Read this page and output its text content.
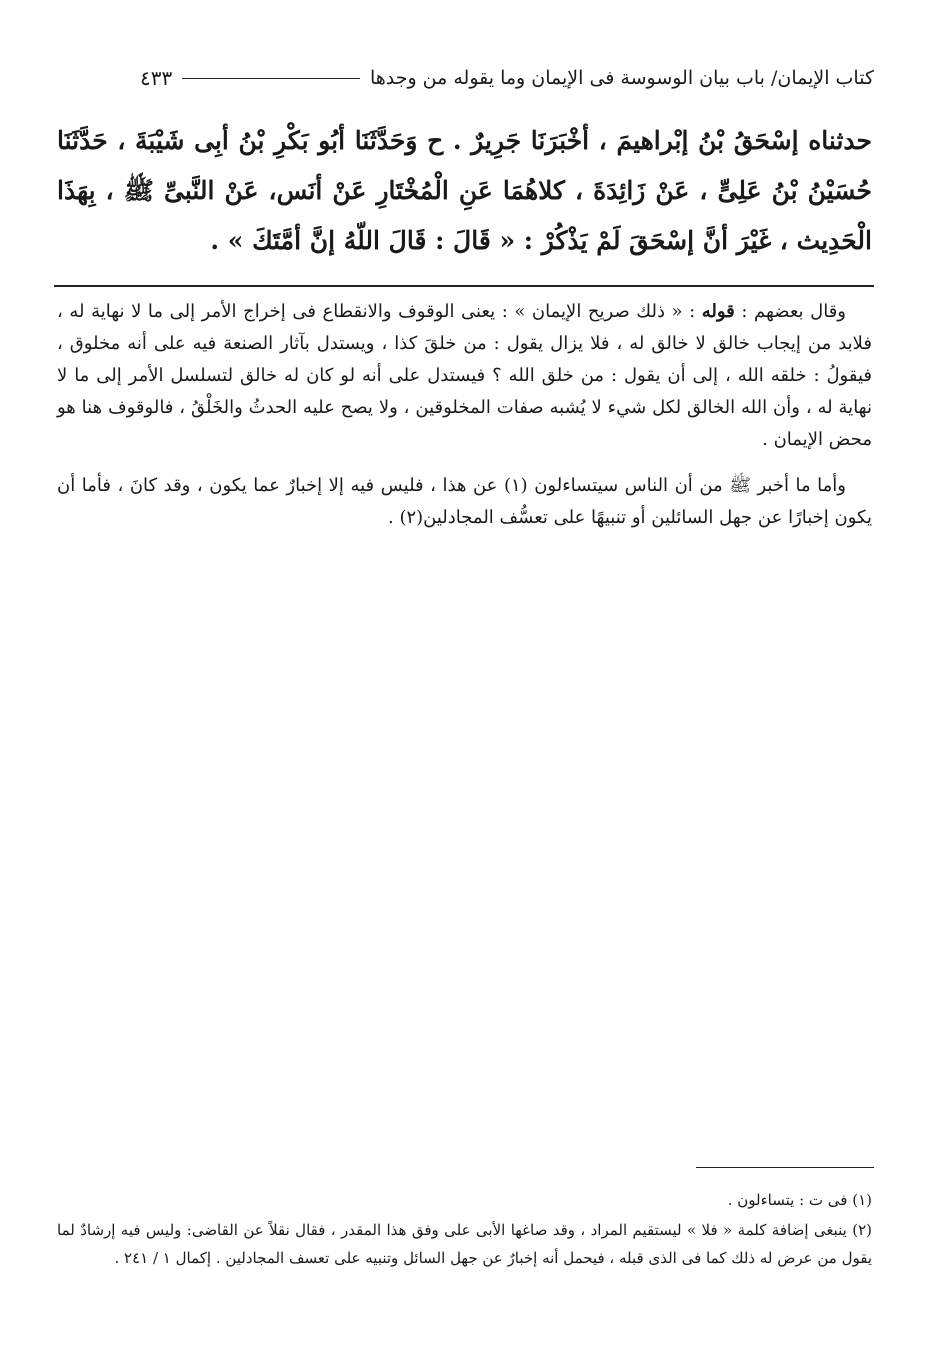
كتاب الإيمان/ باب بيان الوسوسة فى الإيمان وما يقوله من وجدها
٤٣٣

حدثناه إسْحَقُ بْنُ إبْراهيمَ ، أخْبَرَنَا جَرِيرٌ . ح وَحَدَّثَنَا أبُو بَكْرِ بْنُ أبِى شَيْبَةَ ، حَدَّثَنَا حُسَيْنُ بْنُ عَلِىٍّ ، عَنْ زَائِدَةَ ، كلاهُمَا عَنِ الْمُخْتَارِ عَنْ أنَس، عَنْ النَّبىِّ ﷺ ، بِهَذَا الْحَدِيث ، غَيْرَ أنَّ إسْحَقَ لَمْ يَذْكُرْ : « قَالَ : قَالَ اللّهُ إنَّ أمَّتَكَ » .

وقال بعضهم : قوله : « ذلك صريح الإيمان » : يعنى الوقوف والانقطاع فى إخراج الأمر إلى ما لا نهاية له ، فلابد من إيجاب خالق لا خالق له ، فلا يزال يقول : من خلقَ كذا ، ويستدل بآثار الصنعة فيه على أنه مخلوق ، فيقولُ : خلقه الله ، إلى أن يقول : من خلق الله ؟ فيستدل على أنه لو كان له خالق لتسلسل الأمر إلى ما لا نهاية له ، وأن الله الخالق لكل شيء لا يُشبه صفات المخلوقين ، ولا يصح عليه الحدثُ والخَلْقُ ، فالوقوف هنا هو محض الإيمان .

وأما ما أخبر ﷺ من أن الناس سيتساءلون (١) عن هذا ، فليس فيه إلا إخبارٌ عما يكون ، وقد كانَ ، فأما أن يكون إخبارًا عن جهل السائلين أو تنبيهًا على تعسُّف المجادلين(٢) .

(١) فى ت : يتساءلون .

(٢) ينبغى إضافة كلمة « فلا » ليستقيم المراد ، وقد صاغها الأبى على وفق هذا المقدر ، فقال نقلاً عن القاضى: وليس فيه إرشادٌ لما يقول من عرض له ذلك كما فى الذى قبله ، فيحمل أنه إخبارٌ عن جهل السائل وتنبيه على تعسف المجادلين . إكمال ١ / ٢٤١ .
